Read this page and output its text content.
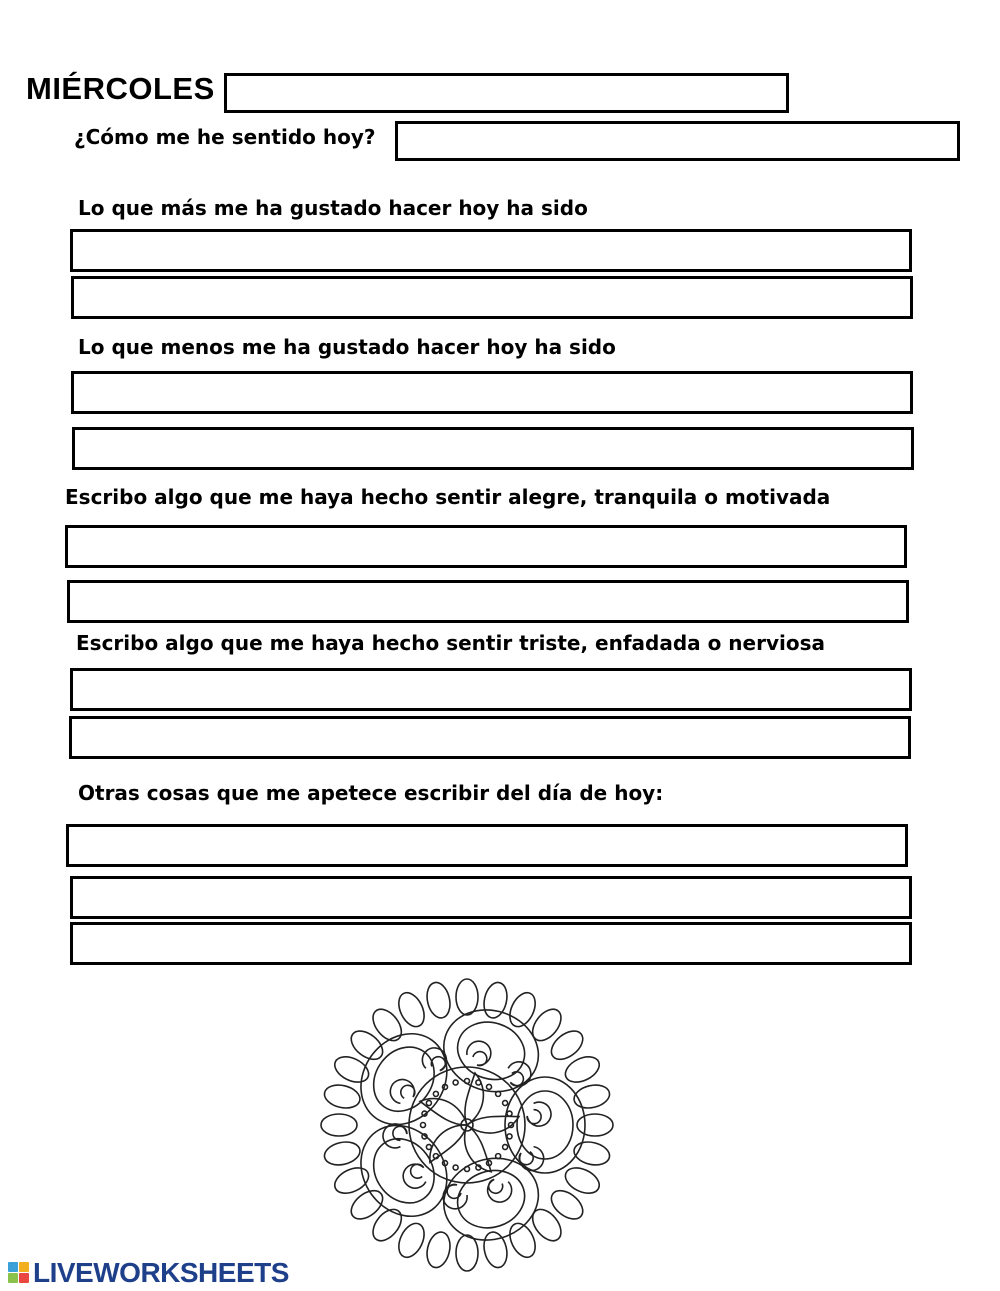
MIÉRCOLES
¿Cómo me he sentido hoy?
Lo que más me ha gustado hacer hoy ha sido
Lo que menos me ha gustado hacer hoy ha sido
Escribo algo que me haya hecho sentir alegre, tranquila o motivada
Escribo algo que me haya hecho sentir triste, enfadada o nerviosa
Otras cosas que me apetece escribir del día de hoy:
LIVEWORKSHEETS
